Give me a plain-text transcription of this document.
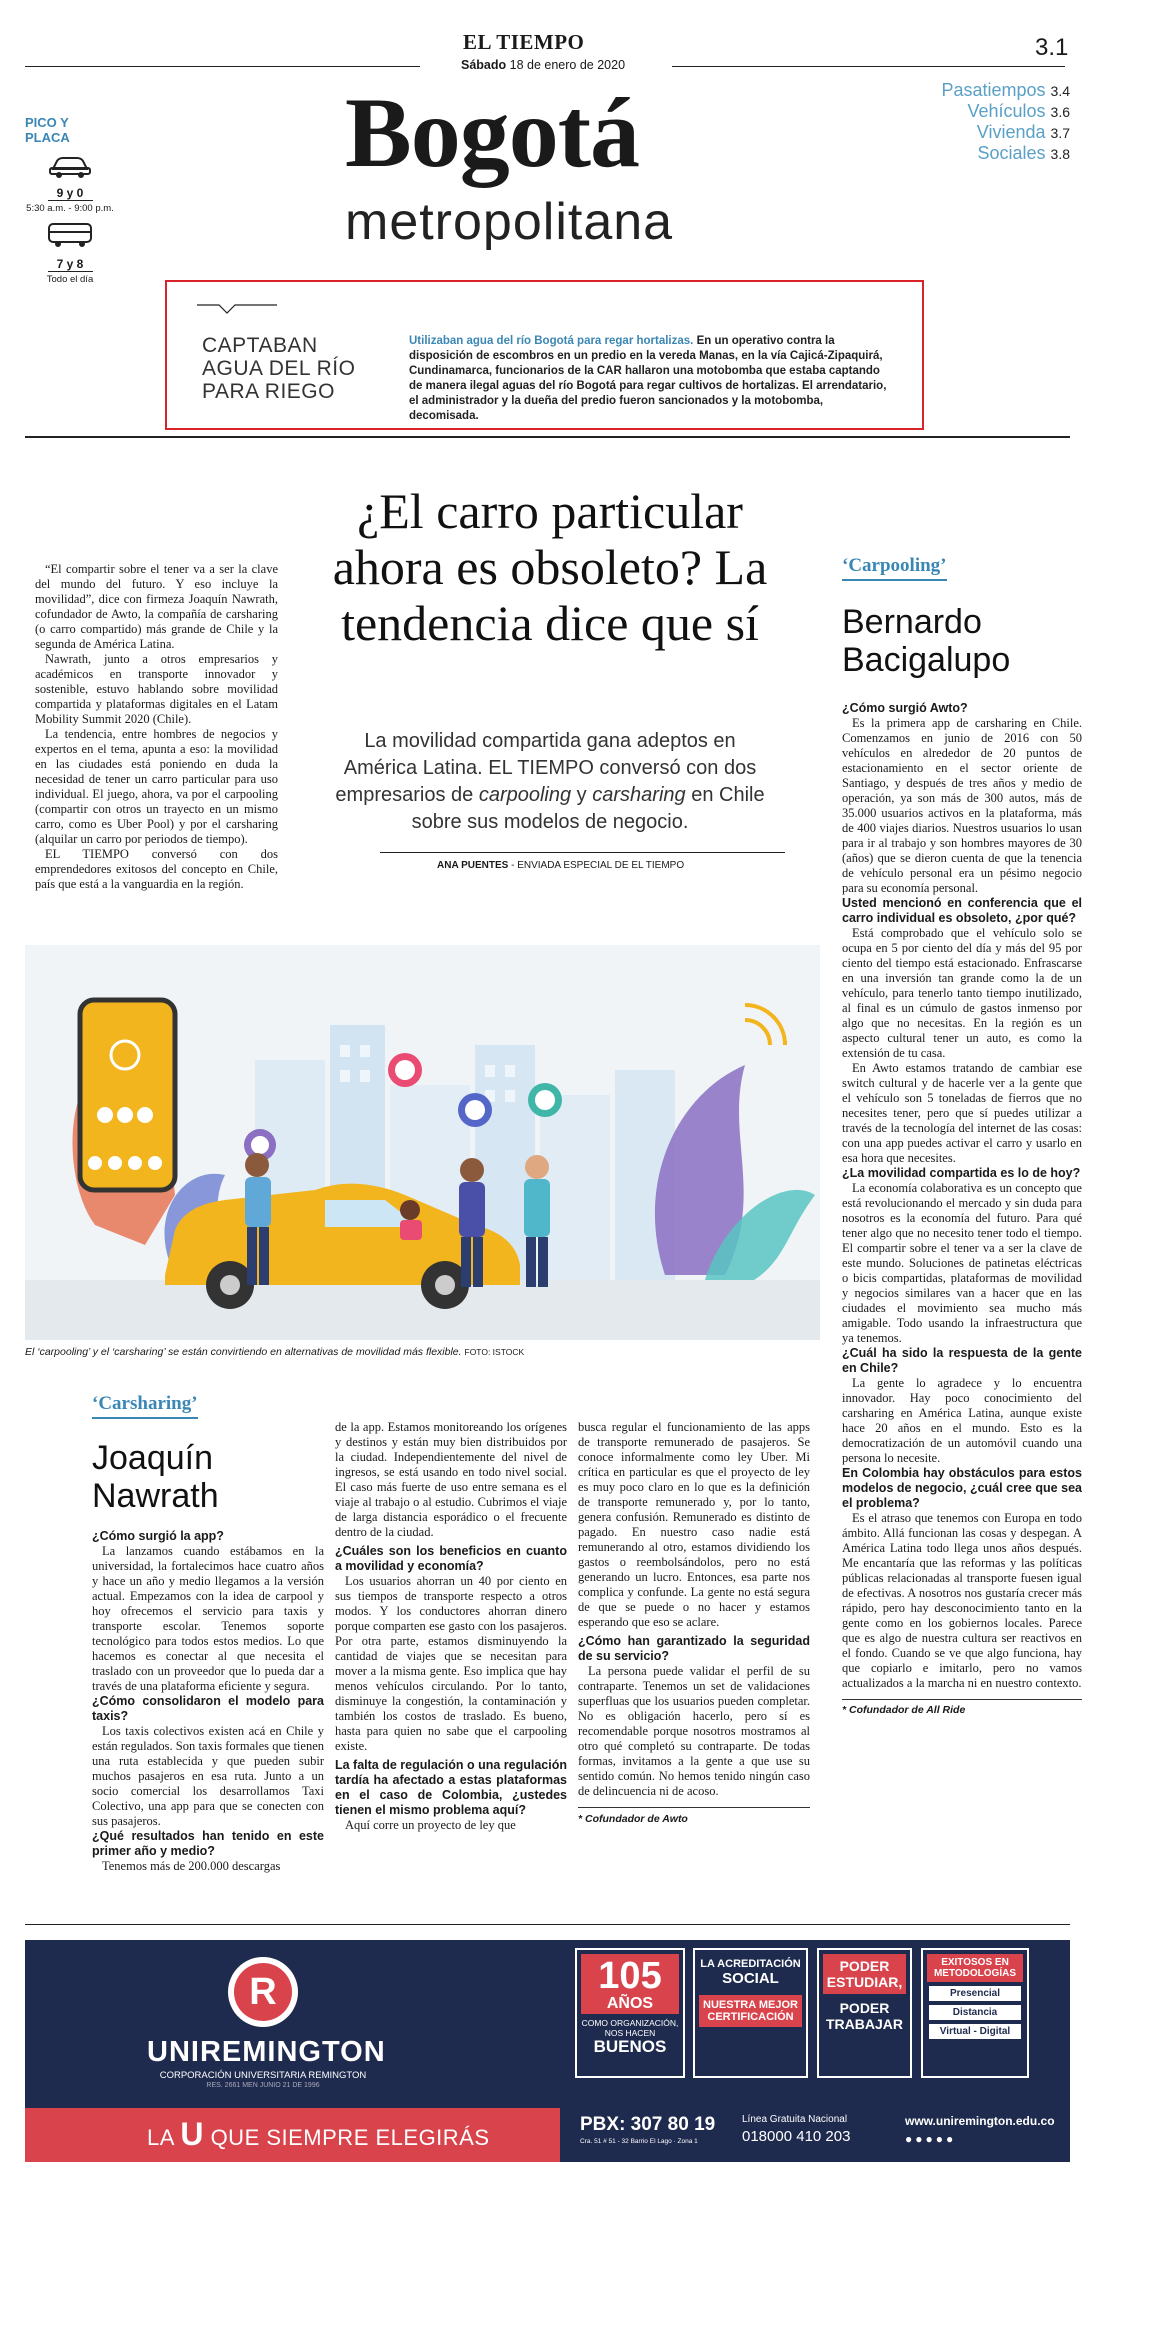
EL TIEMPO
Sábado 18 de enero de 2020
3.1
Bogotá
metropolitana
PICO Y PLACA
9 y 0
5:30 a.m. - 9:00 p.m.
7 y 8
Todo el día
Pasatiempos 3.4
Vehículos 3.6
Vivienda 3.7
Sociales 3.8
CAPTABAN AGUA DEL RÍO PARA RIEGO
Utilizaban agua del río Bogotá para regar hortalizas. En un operativo contra la disposición de escombros en un predio en la vereda Manas, en la vía Cajicá-Zipaquirá, Cundinamarca, funcionarios de la CAR hallaron una motobomba que estaba captando de manera ilegal aguas del río Bogotá para regar cultivos de hortalizas. El arrendatario, el administrador y la dueña del predio fueron sancionados y la motobomba, decomisada.
¿El carro particular ahora es obsoleto? La tendencia dice que sí
La movilidad compartida gana adeptos en América Latina. EL TIEMPO conversó con dos empresarios de carpooling y carsharing en Chile sobre sus modelos de negocio.
ANA PUENTES - ENVIADA ESPECIAL DE EL TIEMPO

“El compartir sobre el tener va a ser la clave del mundo del futuro. Y eso incluye la movilidad”, dice con firmeza Joaquín Nawrath, cofundador de Awto, la compañía de carsharing (o carro compartido) más grande de Chile y la segunda de América Latina.

Nawrath, junto a otros empresarios y académicos en transporte innovador y sostenible, estuvo hablando sobre movilidad compartida y plataformas digitales en el Latam Mobility Summit 2020 (Chile).

La tendencia, entre hombres de negocios y expertos en el tema, apunta a eso: la movilidad en las ciudades está poniendo en duda la necesidad de tener un carro particular para uso individual. El juego, ahora, va por el carpooling (compartir con otros un trayecto en un mismo carro, como es Uber Pool) y por el carsharing (alquilar un carro por periodos de tiempo).

EL TIEMPO conversó con dos emprendedores exitosos del concepto en Chile, país que está a la vanguardia en la región.

El ‘carpooling’ y el ‘carsharing’ se están convirtiendo en alternativas de movilidad más flexible. FOTO: ISTOCK
‘Carpooling’
Bernardo Bacigalupo

¿Cómo surgió Awto?

Es la primera app de carsharing en Chile. Comenzamos en junio de 2016 con 50 vehículos en alrededor de 20 puntos de estacionamiento en el sector oriente de Santiago, y después de tres años y medio de operación, ya son más de 300 autos, más de 35.000 usuarios activos en la plataforma, más de 400 viajes diarios. Nuestros usuarios lo usan para ir al trabajo y son hombres mayores de 30 (años) que se dieron cuenta de que la tenencia de vehículo personal era un pésimo negocio para su economía personal.

Usted mencionó en conferencia que el carro individual es obsoleto, ¿por qué?

Está comprobado que el vehículo solo se ocupa en 5 por ciento del día y más del 95 por ciento del tiempo está estacionado. Enfrascarse en una inversión tan grande como la de un vehículo, para tenerlo tanto tiempo inutilizado, al final es un cúmulo de gastos inmenso por algo que no necesitas. En la región es un aspecto cultural tener un auto, es como la extensión de tu casa.

En Awto estamos tratando de cambiar ese switch cultural y de hacerle ver a la gente que el vehículo son 5 toneladas de fierros que no necesites tener, pero que sí puedes utilizar a través de la tecnología del internet de las cosas: con una app puedes activar el carro y usarlo en esa hora que necesites.

¿La movilidad compartida es lo de hoy?

La economía colaborativa es un concepto que está revolucionando el mercado y sin duda para nosotros es la economía del futuro. Para qué tener algo que no necesito tener todo el tiempo. El compartir sobre el tener va a ser la clave de este mundo. Soluciones de patinetas eléctricas o bicis compartidas, plataformas de movilidad y negocios similares van a hacer que en las ciudades el movimiento sea mucho más amigable. Todo usando la infraestructura que ya tenemos.

¿Cuál ha sido la respuesta de la gente en Chile?

La gente lo agradece y lo encuentra innovador. Hay poco conocimiento del carsharing en América Latina, aunque existe hace 20 años en el mundo. Esto es la democratización de un automóvil cuando una persona lo necesite.

En Colombia hay obstáculos para estos modelos de negocio, ¿cuál cree que sea el problema?

Es el atraso que tenemos con Europa en todo ámbito. Allá funcionan las cosas y despegan. A América Latina todo llega unos años después. Me encantaría que las reformas y las políticas públicas relacionadas al transporte fuesen igual de efectivas. A nosotros nos gustaría crecer más rápido, pero hay desconocimiento tanto en la gente como en los gobiernos locales. Parece que es algo de nuestra cultura ser reactivos en el fondo. Cuando se ve que algo funciona, hay que copiarlo e imitarlo, pero no vamos actualizados a la marcha ni en nuestro contexto.

* Cofundador de All Ride
‘Carsharing’
Joaquín Nawrath

¿Cómo surgió la app?

La lanzamos cuando estábamos en la universidad, la fortalecimos hace cuatro años y hace un año y medio llegamos a la versión actual. Empezamos con la idea de carpool y hoy ofrecemos el servicio para taxis y transporte escolar. Tenemos soporte tecnológico para todos estos medios. Lo que hacemos es conectar al que necesita el traslado con un proveedor que lo pueda dar a través de una plataforma eficiente y segura.

¿Cómo consolidaron el modelo para taxis?

Los taxis colectivos existen acá en Chile y están regulados. Son taxis formales que tienen una ruta establecida y que pueden subir muchos pasajeros en esa ruta. Junto a un socio comercial los desarrollamos Taxi Colectivo, una app para que se conecten con sus pasajeros.

¿Qué resultados han tenido en este primer año y medio?

Tenemos más de 200.000 descargas

de la app. Estamos monitoreando los orígenes y destinos y están muy bien distribuidos por la ciudad. Independientemente del nivel de ingresos, se está usando en todo nivel social. El caso más fuerte de uso entre semana es el viaje al trabajo o al estudio. Cubrimos el viaje de larga distancia esporádico o el frecuente dentro de la ciudad.

¿Cuáles son los beneficios en cuanto a movilidad y economía?

Los usuarios ahorran un 40 por ciento en sus tiempos de transporte respecto a otros modos. Y los conductores ahorran dinero porque comparten ese gasto con los pasajeros. Por otra parte, estamos disminuyendo la cantidad de viajes que se necesitan para mover a la misma gente. Eso implica que hay menos vehículos circulando. Por lo tanto, disminuye la congestión, la contaminación y también los costos de traslado. Es bueno, hasta para quien no sabe que el carpooling existe.

La falta de regulación o una regulación tardía ha afectado a estas plataformas en el caso de Colombia, ¿ustedes tienen el mismo problema aquí?

Aquí corre un proyecto de ley que

busca regular el funcionamiento de las apps de transporte remunerado de pasajeros. Se conoce informalmente como ley Uber. Mi crítica en particular es que el proyecto de ley es muy poco claro en lo que es la definición de transporte remunerado y, por lo tanto, genera confusión. Remunerado es distinto de pagado. En nuestro caso nadie está remunerando al otro, estamos dividiendo los gastos o reembolsándolos, pero no está generando un lucro. Entonces, esa parte nos complica y confunde. La gente no está segura de que se puede o no hacer y estamos esperando que eso se aclare.

¿Cómo han garantizado la seguridad de su servicio?

La persona puede validar el perfil de su contraparte. Tenemos un set de validaciones superfluas que los usuarios pueden completar. No es obligación hacerlo, pero sí es recomendable porque nosotros mostramos al otro qué completó su contraparte. De todas formas, invitamos a la gente a que use su sentido común. No hemos tenido ningún caso de delincuencia ni de acoso.

* Cofundador de Awto
R
UNIREMINGTON
CORPORACIÓN UNIVERSITARIA REMINGTON
RES. 2661 MEN JUNIO 21 DE 1996
LA U QUE SIEMPRE ELEGIRÁS
105
AÑOS
COMO ORGANIZACIÓN,
NOS HACEN
BUENOS
LA ACREDITACIÓN
SOCIAL
NUESTRA MEJOR
CERTIFICACIÓN
PODER
ESTUDIAR,
PODER
TRABAJAR
EXITOSOS EN
METODOLOGÍAS
Presencial
Distancia
Virtual - Digital
PBX: 307 80 19
Cra. 51 # 51 - 32 Barrio El Lago · Zona 1
Línea Gratuita Nacional
018000 410 203
www.uniremington.edu.co
●●●●●
